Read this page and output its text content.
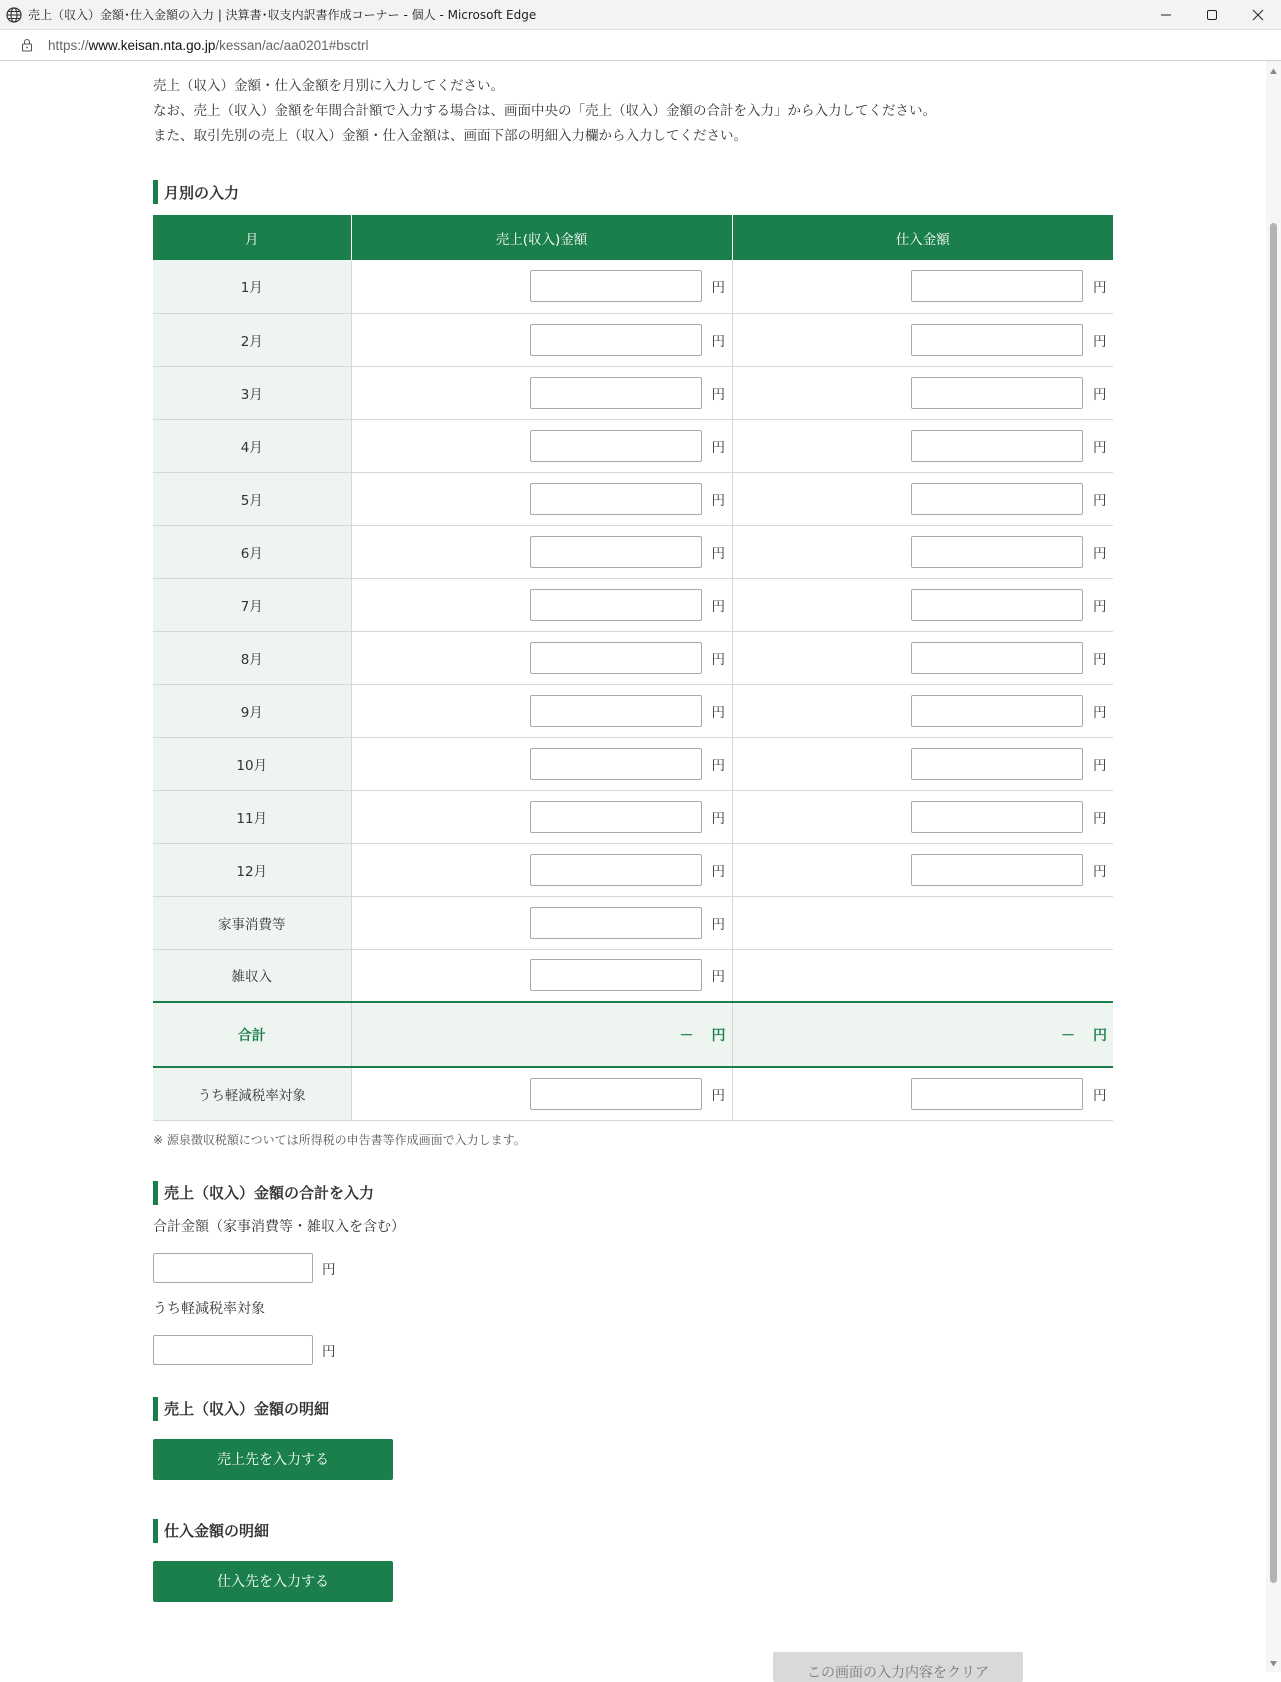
売上（収入）金額･仕入金額の入力 | 決算書･収支内訳書作成コーナー - 個人 - Microsoft Edge
https://www.keisan.nta.go.jp/kessan/ac/aa0201#bsctrl

売上（収入）金額・仕入金額を月別に入力してください。

なお、売上（収入）金額を年間合計額で入力する場合は、画面中央の「売上（収入）金額の合計を入力」から入力してください。

また、取引先別の売上（収入）金額・仕入金額は、画面下部の明細入力欄から入力してください。

月別の入力
月	売上(収入)金額	仕入金額
1月	円	円

2月	円	円

3月	円	円

4月	円	円

5月	円	円

6月	円	円

7月	円	円

8月	円	円

9月	円	円

10月	円	円

11月	円	円

12月	円	円

家事消費等	円	

雑収入	円	

合計	－ 円	－ 円

うち軽減税率対象	円	円

※ 源泉徴収税額については所得税の申告書等作成画面で入力します。

売上（収入）金額の合計を入力

合計金額（家事消費等・雑収入を含む）

円

うち軽減税率対象

円
売上（収入）金額の明細
売上先を入力する
仕入金額の明細
仕入先を入力する
この画面の入力内容をクリア
